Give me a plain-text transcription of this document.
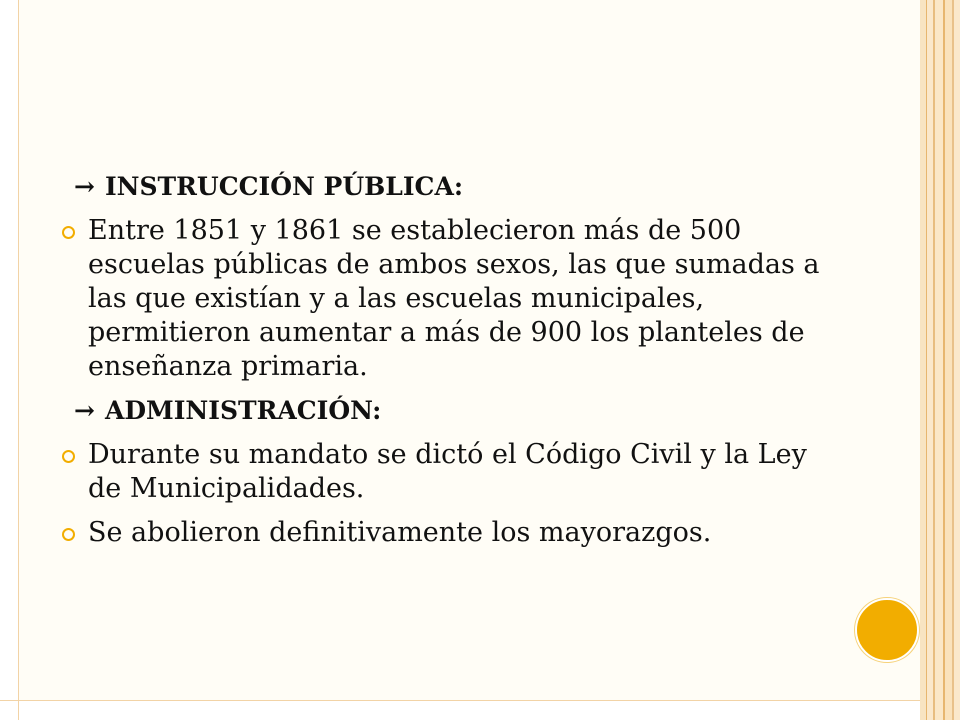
→ INSTRUCCIÓN PÚBLICA:
Entre 1851 y 1861 se establecieron más de 500 escuelas públicas de ambos sexos, las que sumadas a las que existían y a las escuelas municipales, permitieron aumentar a más de 900 los planteles de enseñanza primaria.
→ ADMINISTRACIÓN:
Durante su mandato se dictó el Código Civil y la Ley de Municipalidades.
Se abolieron definitivamente los mayorazgos.
